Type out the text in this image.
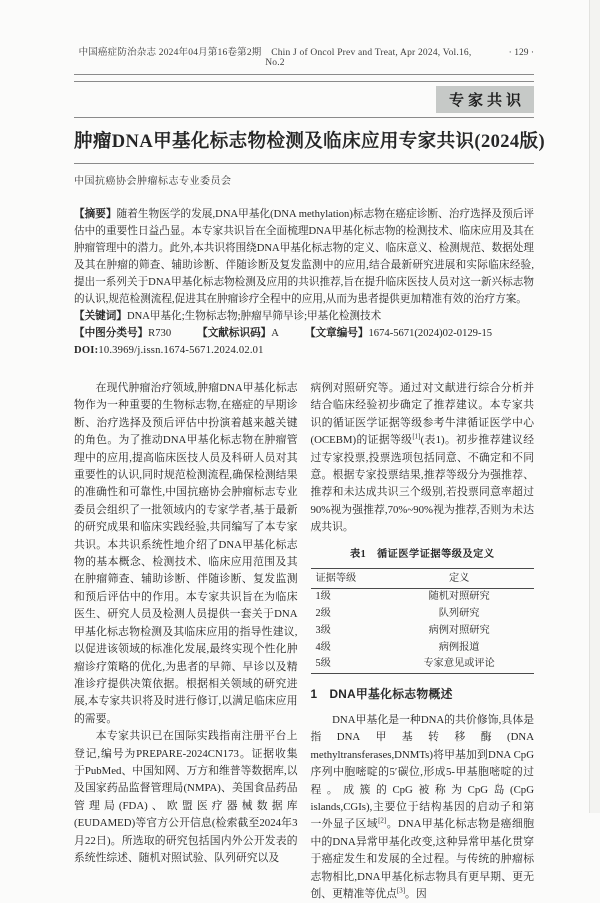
中国癌症防治杂志 2024年04月第16卷第2期　Chin J of Oncol Prev and Treat, Apr 2024, Vol.16, No.2
· 129 ·
专家共识
肿瘤DNA甲基化标志物检测及临床应用专家共识(2024版)
中国抗癌协会肿瘤标志专业委员会

【摘要】随着生物医学的发展,DNA甲基化(DNA methylation)标志物在癌症诊断、治疗选择及预后评估中的重要性日益凸显。本专家共识旨在全面梳理DNA甲基化标志物的检测技术、临床应用及其在肿瘤管理中的潜力。此外,本共识将围绕DNA甲基化标志物的定义、临床意义、检测规范、数据处理及其在肿瘤的筛查、辅助诊断、伴随诊断及复发监测中的应用,结合最新研究进展和实际临床经验,提出一系列关于DNA甲基化标志物检测及应用的共识推荐,旨在提升临床医技人员对这一新兴标志物的认识,规范检测流程,促进其在肿瘤诊疗全程中的应用,从而为患者提供更加精准有效的治疗方案。

【关键词】DNA甲基化;生物标志物;肿瘤早筛早诊;甲基化检测技术

【中图分类号】R730 【文献标识码】A 【文章编号】1674-5671(2024)02-0129-15

DOI:10.3969/j.issn.1674-5671.2024.02.01

在现代肿瘤治疗领域,肿瘤DNA甲基化标志物作为一种重要的生物标志物,在癌症的早期诊断、治疗选择及预后评估中扮演着越来越关键的角色。为了推动DNA甲基化标志物在肿瘤管理中的应用,提高临床医技人员及科研人员对其重要性的认识,同时规范检测流程,确保检测结果的准确性和可靠性,中国抗癌协会肿瘤标志专业委员会组织了一批领域内的专家学者,基于最新的研究成果和临床实践经验,共同编写了本专家共识。本共识系统性地介绍了DNA甲基化标志物的基本概念、检测技术、临床应用范围及其在肿瘤筛查、辅助诊断、伴随诊断、复发监测和预后评估中的作用。本专家共识旨在为临床医生、研究人员及检测人员提供一套关于DNA甲基化标志物检测及其临床应用的指导性建议,以促进该领域的标准化发展,最终实现个性化肿瘤诊疗策略的优化,为患者的早筛、早诊以及精准诊疗提供决策依据。根据相关领域的研究进展,本专家共识将及时进行修订,以满足临床应用的需要。

本专家共识已在国际实践指南注册平台上登记,编号为PREPARE-2024CN173。证据收集于PubMed、中国知网、万方和维普等数据库,以及国家药品监督管理局(NMPA)、美国食品药品管理局(FDA)、欧盟医疗器械数据库(EUDAMED)等官方公开信息(检索截至2024年3月22日)。所选取的研究包括国内外公开发表的系统性综述、随机对照试验、队列研究以及

病例对照研究等。通过对文献进行综合分析并结合临床经验初步确定了推荐建议。本专家共识的循证医学证据等级参考牛津循证医学中心(OCEBM)的证据等级[1](表1)。初步推荐建议经过专家投票,投票选项包括同意、不确定和不同意。根据专家投票结果,推荐等级分为强推荐、推荐和未达成共识三个级别,若投票同意率超过90%视为强推荐,70%~90%视为推荐,否则为未达成共识。

表1　循证医学证据等级及定义
证据等级	定义
1级	随机对照研究
2级	队列研究
3级	病例对照研究
4级	病例报道
5级	专家意见或评论
1　DNA甲基化标志物概述

DNA甲基化是一种DNA的共价修饰,具体是指DNA甲基转移酶(DNA methyltransferases,DNMTs)将甲基加到DNA CpG序列中胞嘧啶的5′碳位,形成5-甲基胞嘧啶的过程。成簇的CpG被称为CpG岛(CpG islands,CGIs),主要位于结构基因的启动子和第一外显子区域[2]。DNA甲基化标志物是癌细胞中的DNA异常甲基化改变,这种异常甲基化贯穿于癌症发生和发展的全过程。与传统的肿瘤标志物相比,DNA甲基化标志物具有更早期、更无创、更精准等优点[3]。因
